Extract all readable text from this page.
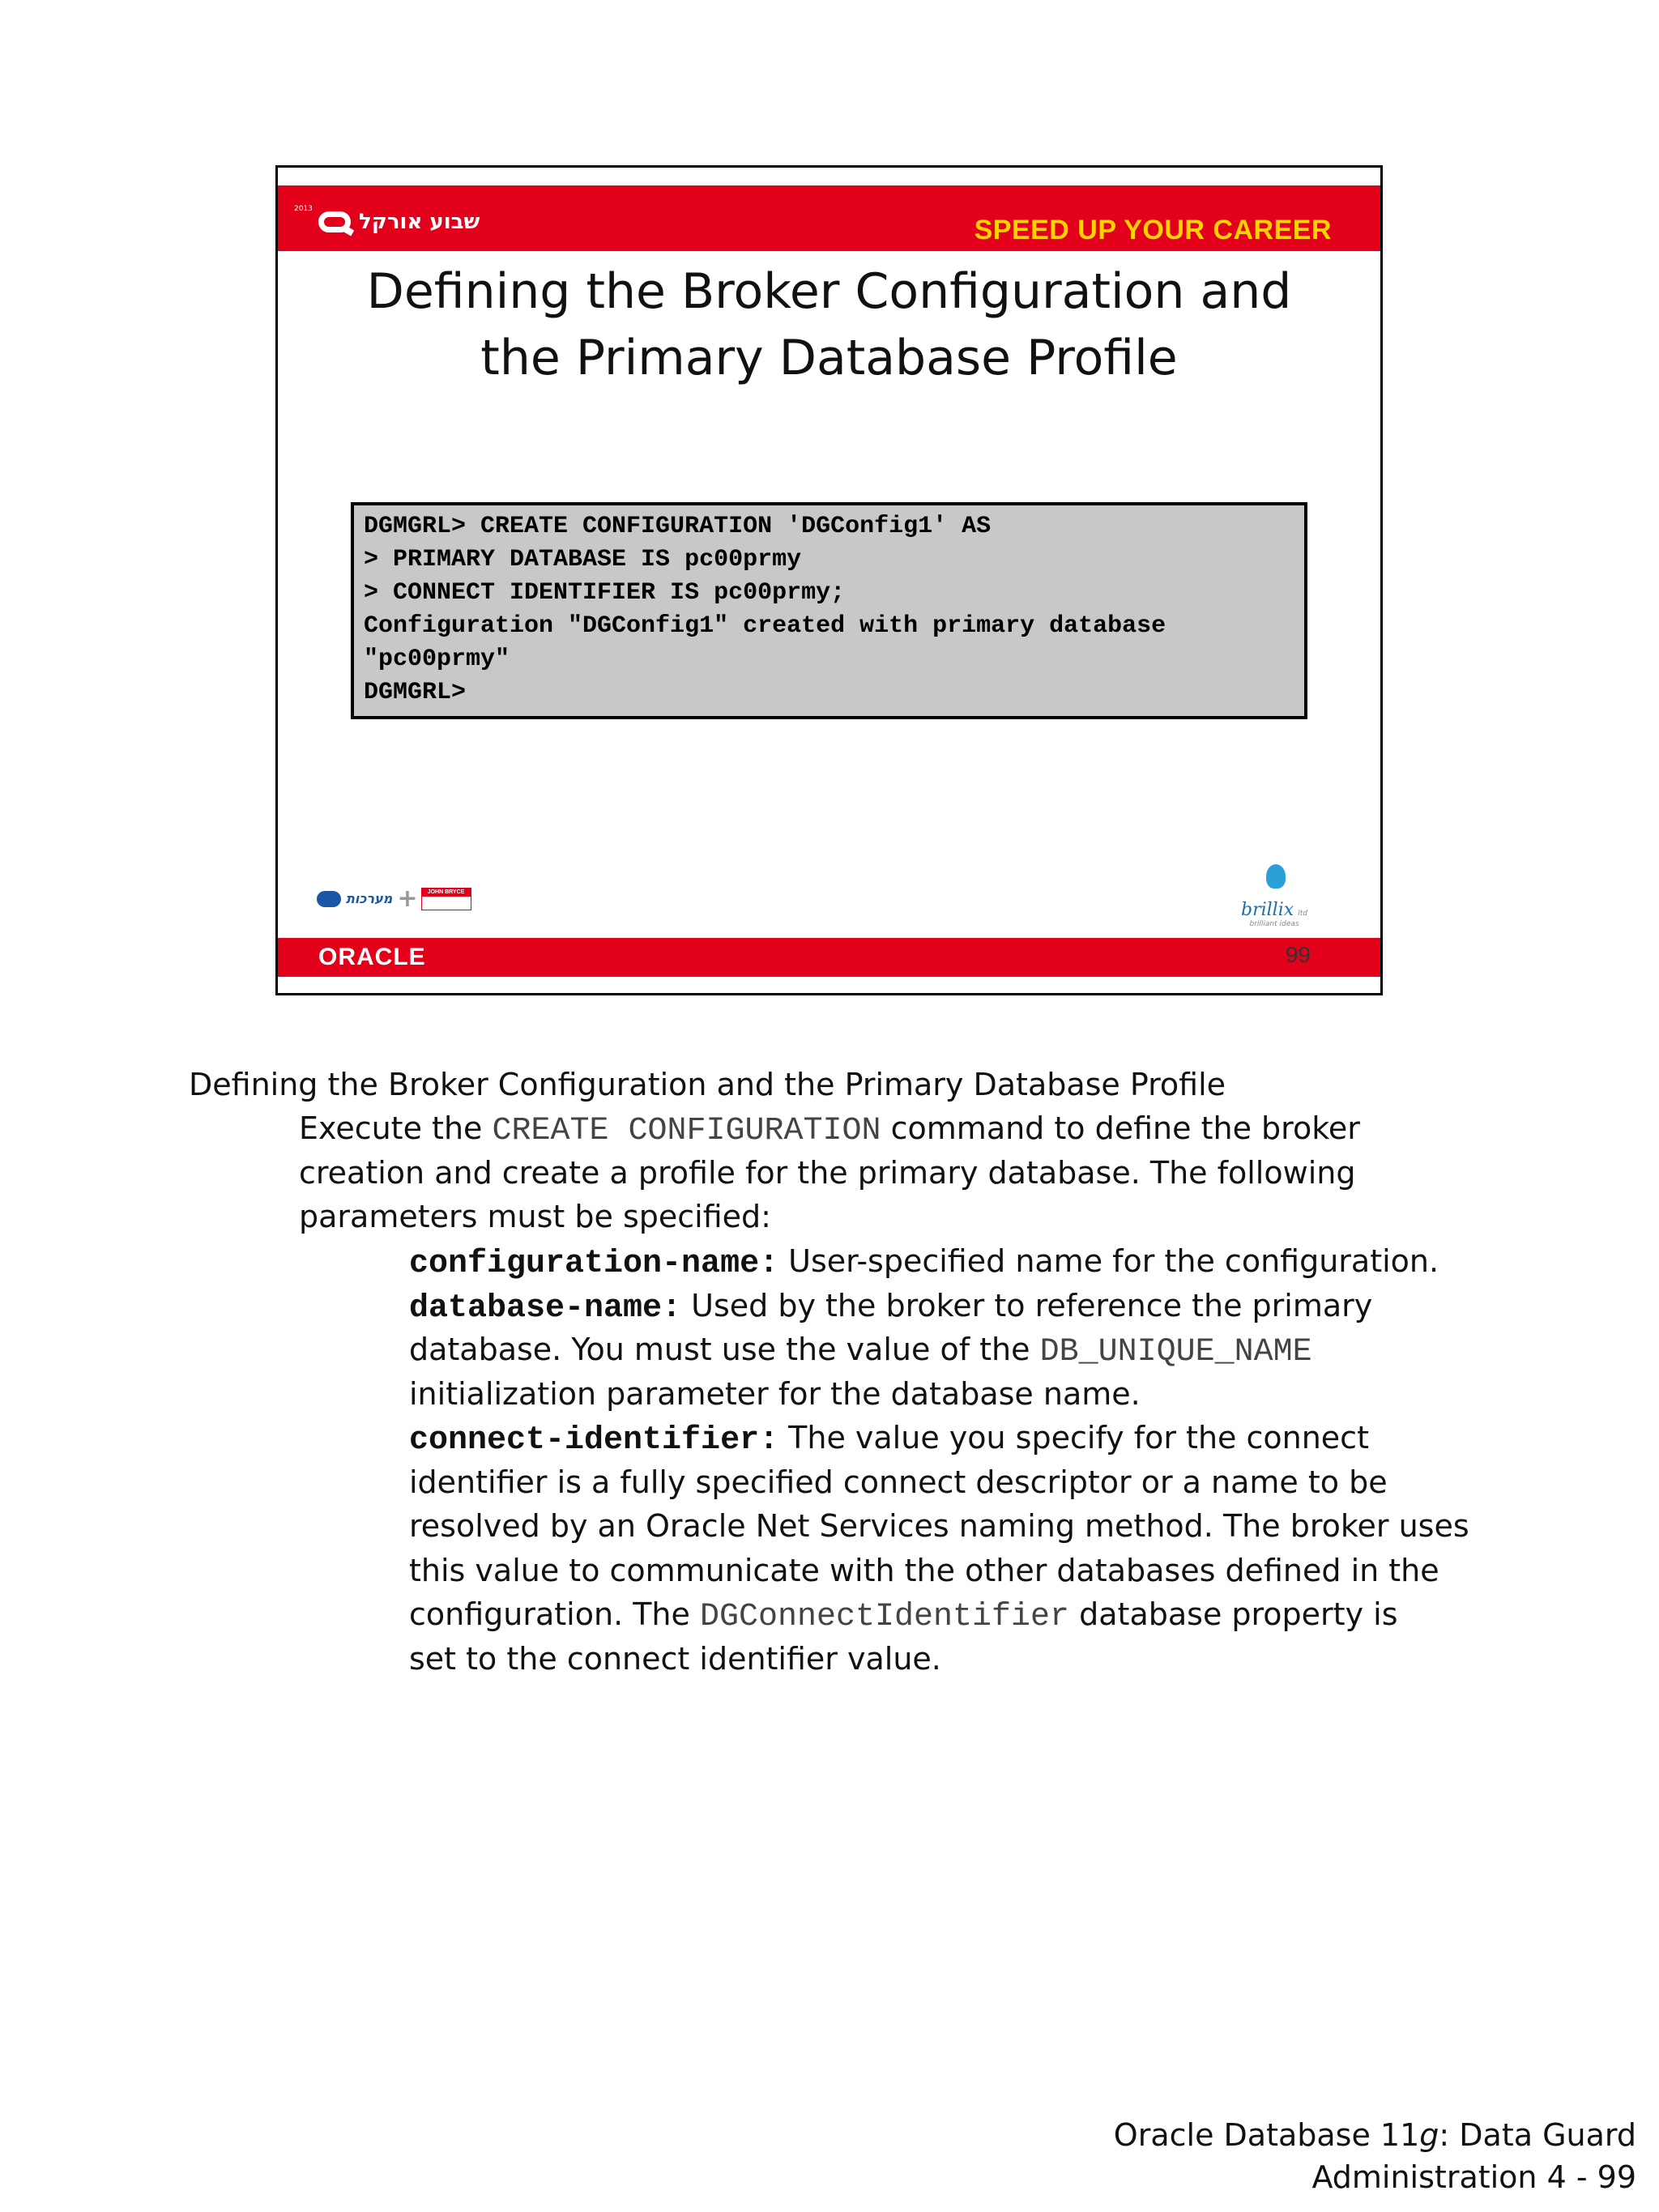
שבוע אורקל
2013
SPEED UP YOUR CAREER
Defining the Broker Configuration and
the Primary Database Profile
DGMGRL> CREATE CONFIGURATION 'DGConfig1' AS
> PRIMARY DATABASE IS pc00prmy
> CONNECT IDENTIFIER IS pc00prmy;
Configuration "DGConfig1" created with primary database
"pc00prmy"
DGMGRL>
מערכות +	JOHN BRYCE
brillix ltd
brilliant ideas
ORACLE	99
Defining the Broker Configuration and the Primary Database Profile
Execute the CREATE CONFIGURATION command to define the broker
creation and create a profile for the primary database. The following
parameters must be specified:
configuration-name: User-specified name for the configuration.
database-name: Used by the broker to reference the primary
database. You must use the value of the DB_UNIQUE_NAME
initialization parameter for the database name.
connect-identifier: The value you specify for the connect
identifier is a fully specified connect descriptor or a name to be
resolved by an Oracle Net Services naming method. The broker uses
this value to communicate with the other databases defined in the
configuration. The DGConnectIdentifier database property is
set to the connect identifier value.
Oracle Database 11g: Data Guard
Administration 4 - 99
